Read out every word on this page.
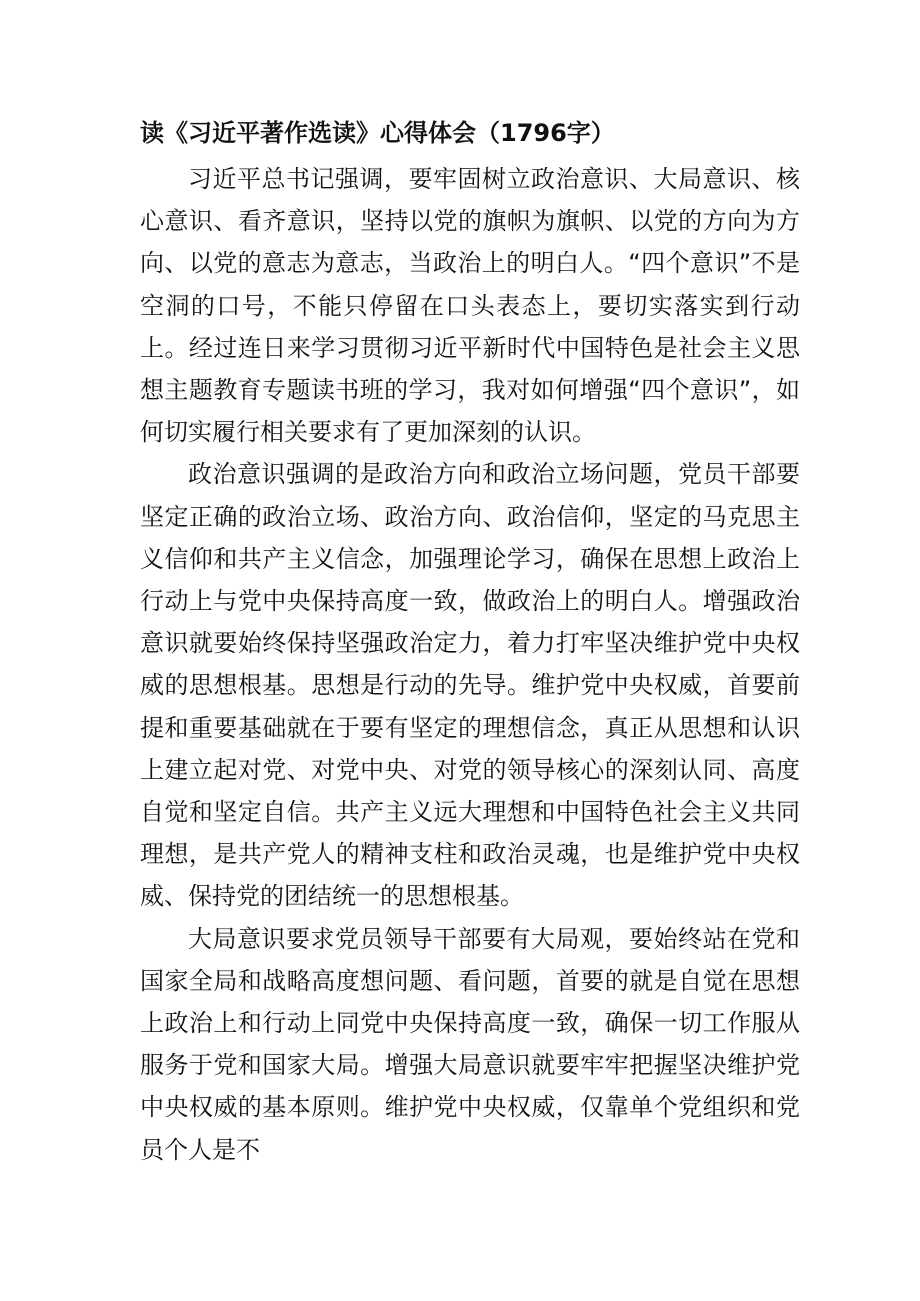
读《习近平著作选读》心得体会（1796字）

习近平总书记强调，要牢固树立政治意识、大局意识、核心意识、看齐意识，坚持以党的旗帜为旗帜、以党的方向为方向、以党的意志为意志，当政治上的明白人。“四个意识”不是空洞的口号，不能只停留在口头表态上，要切实落实到行动上。经过连日来学习贯彻习近平新时代中国特色是社会主义思想主题教育专题读书班的学习，我对如何增强“四个意识”，如何切实履行相关要求有了更加深刻的认识。

政治意识强调的是政治方向和政治立场问题，党员干部要坚定正确的政治立场、政治方向、政治信仰，坚定的马克思主义信仰和共产主义信念，加强理论学习，确保在思想上政治上行动上与党中央保持高度一致，做政治上的明白人。增强政治意识就要始终保持坚强政治定力，着力打牢坚决维护党中央权威的思想根基。思想是行动的先导。维护党中央权威，首要前提和重要基础就在于要有坚定的理想信念，真正从思想和认识上建立起对党、对党中央、对党的领导核心的深刻认同、高度自觉和坚定自信。共产主义远大理想和中国特色社会主义共同理想，是共产党人的精神支柱和政治灵魂，也是维护党中央权威、保持党的团结统一的思想根基。

大局意识要求党员领导干部要有大局观，要始终站在党和国家全局和战略高度想问题、看问题，首要的就是自觉在思想上政治上和行动上同党中央保持高度一致，确保一切工作服从服务于党和国家大局。增强大局意识就要牢牢把握坚决维护党中央权威的基本原则。维护党中央权威，仅靠单个党组织和党员个人是不
